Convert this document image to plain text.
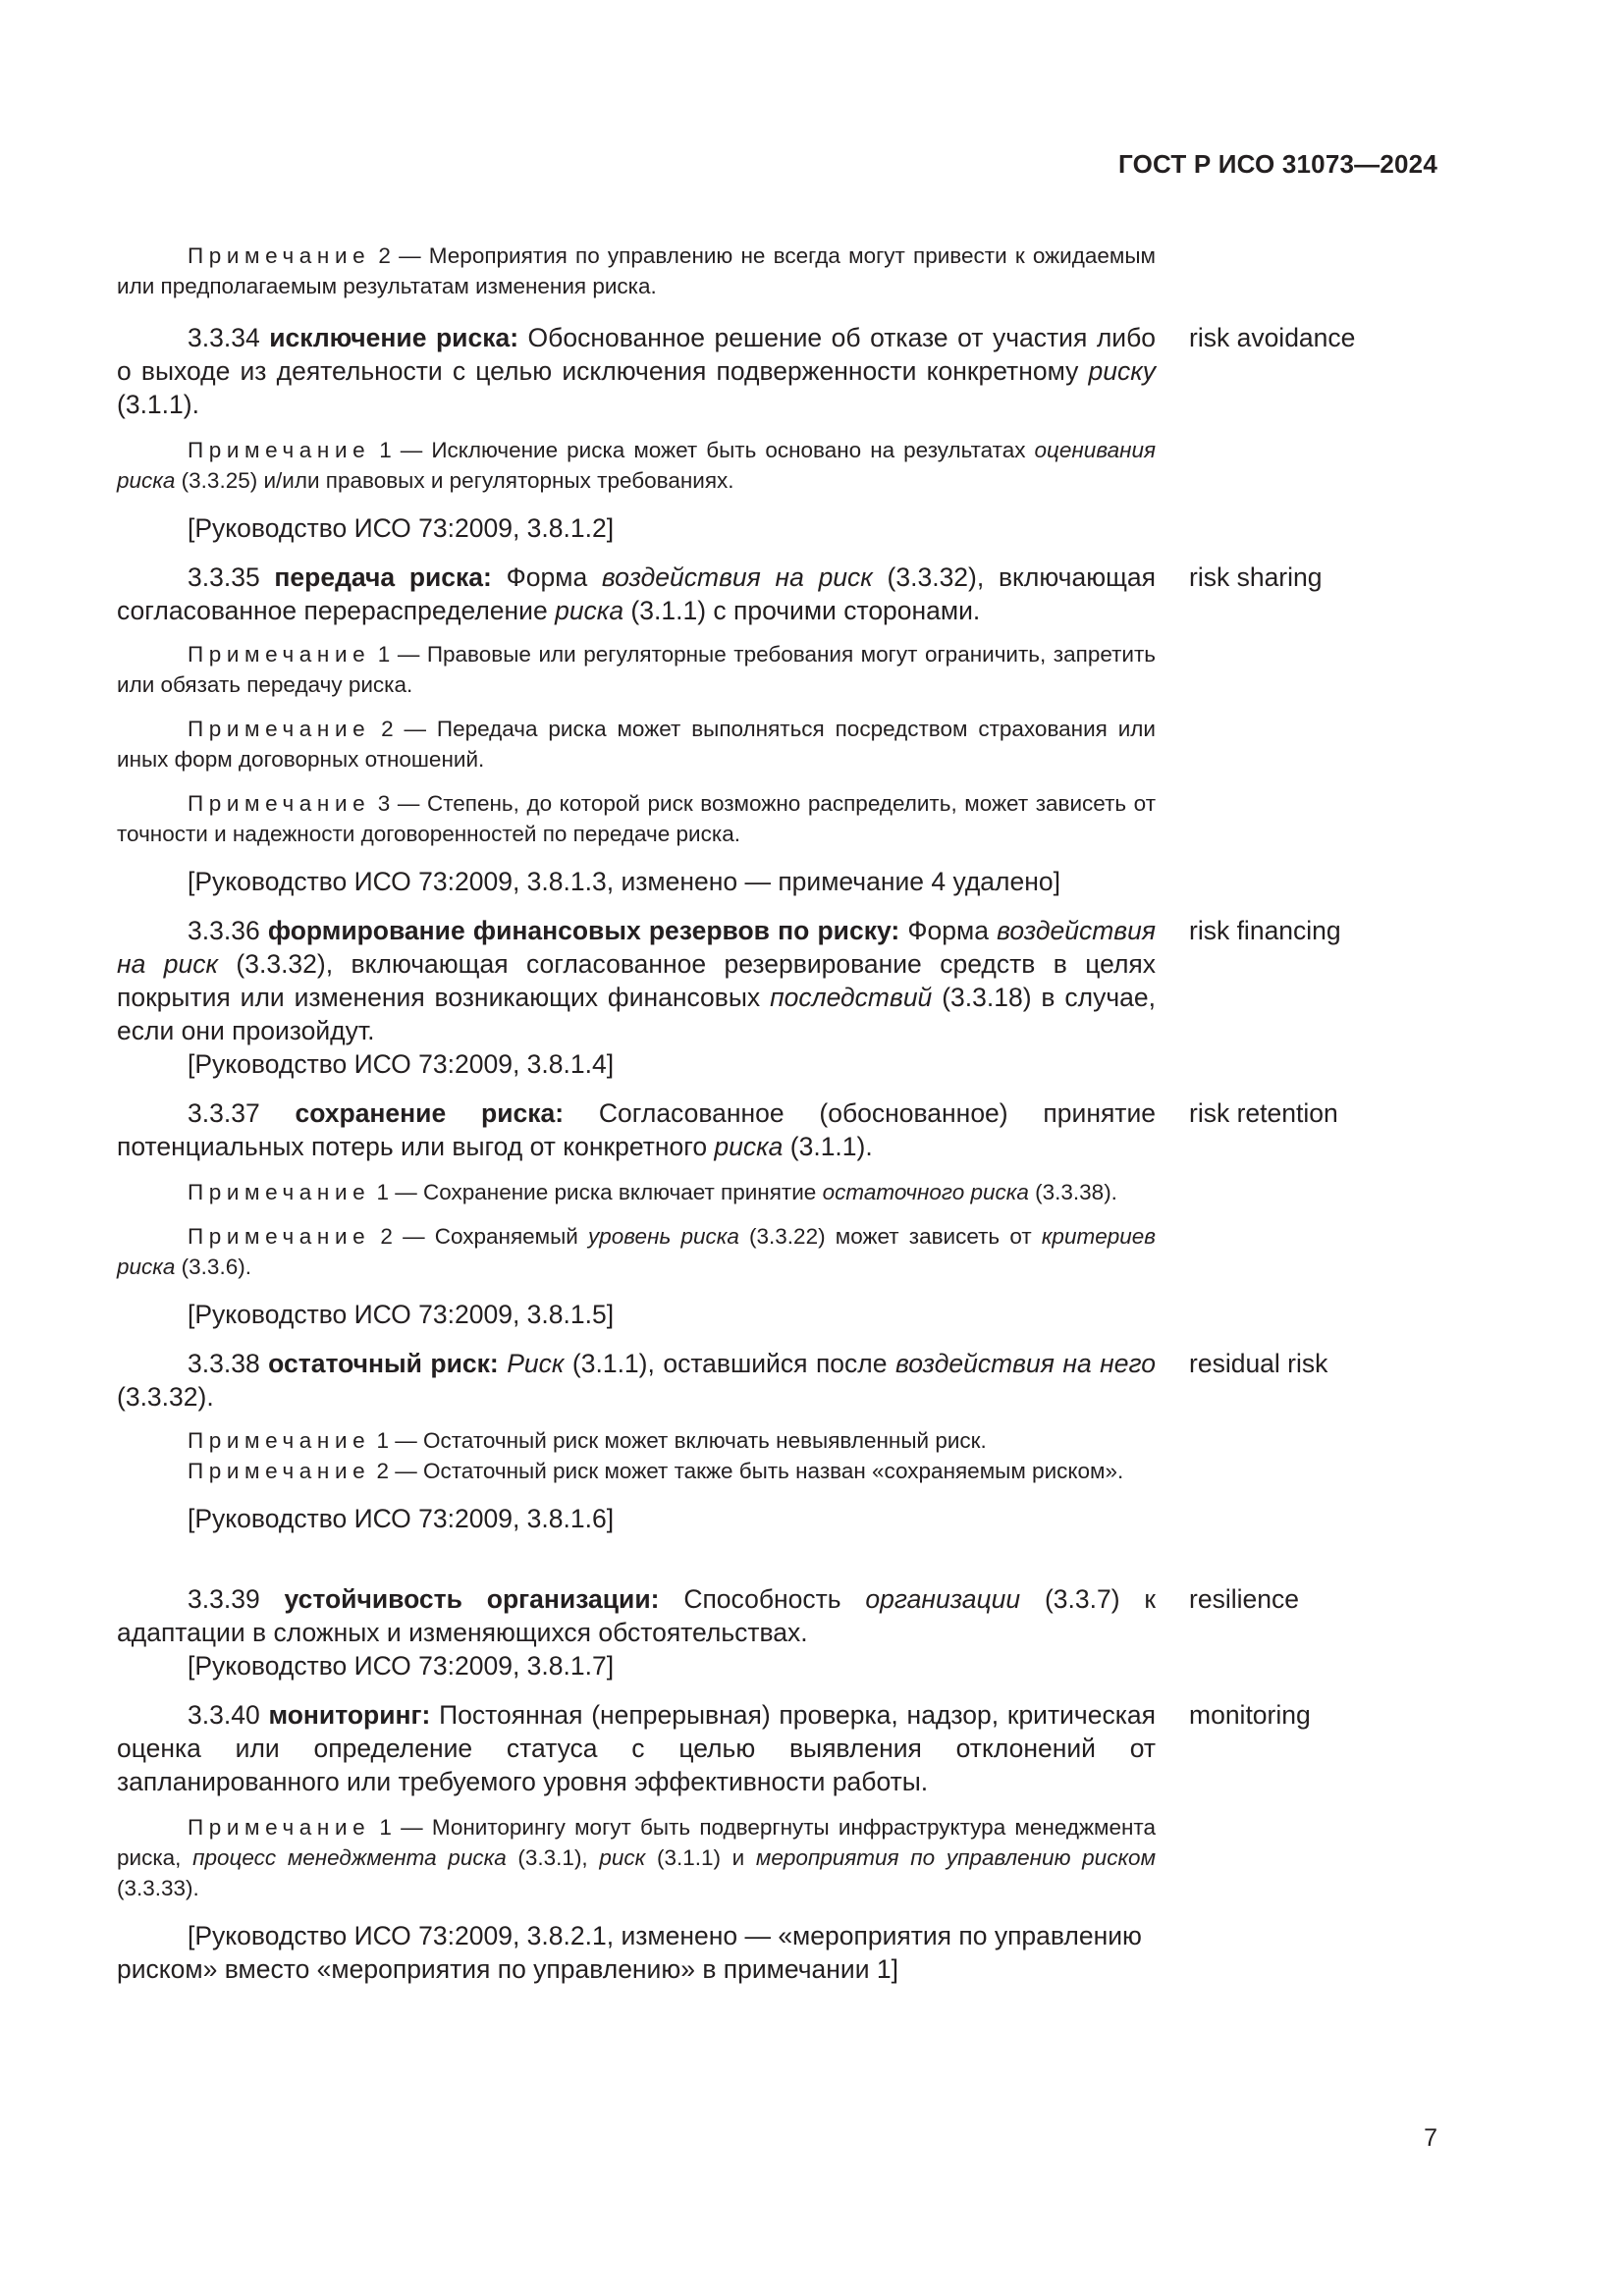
ГОСТ Р ИСО 31073—2024

Примечание 2 — Мероприятия по управлению не всегда могут привести к ожидаемым или предполагаемым результатам изменения риска.

3.3.34 исключение риска: Обоснованное решение об отказе от участия либо о выходе из деятельности с целью исключения подверженности конкретному риску (3.1.1).
risk avoidance

Примечание 1 — Исключение риска может быть основано на результатах оценивания риска (3.3.25) и/или правовых и регуляторных требованиях.

[Руководство ИСО 73:2009, 3.8.1.2]

3.3.35 передача риска: Форма воздействия на риск (3.3.32), включающая согласованное перераспределение риска (3.1.1) с прочими сторонами.
risk sharing

Примечание 1 — Правовые или регуляторные требования могут ограничить, запретить или обязать передачу риска.

Примечание 2 — Передача риска может выполняться посредством страхования или иных форм договорных отношений.

Примечание 3 — Степень, до которой риск возможно распределить, может зависеть от точности и надежности договоренностей по передаче риска.

[Руководство ИСО 73:2009, 3.8.1.3, изменено — примечание 4 удалено]

3.3.36 формирование финансовых резервов по риску: Форма воздействия на риск (3.3.32), включающая согласованное резервирование средств в целях покрытия или изменения возникающих финансовых последствий (3.3.18) в случае, если они произойдут.
risk financing

[Руководство ИСО 73:2009, 3.8.1.4]

3.3.37 сохранение риска: Согласованное (обоснованное) принятие потенциальных потерь или выгод от конкретного риска (3.1.1).
risk retention

Примечание 1 — Сохранение риска включает принятие остаточного риска (3.3.38).

Примечание 2 — Сохраняемый уровень риска (3.3.22) может зависеть от критериев риска (3.3.6).

[Руководство ИСО 73:2009, 3.8.1.5]

3.3.38 остаточный риск: Риск (3.1.1), оставшийся после воздействия на него (3.3.32).
residual risk

Примечание 1 — Остаточный риск может включать невыявленный риск.

Примечание 2 — Остаточный риск может также быть назван «сохраняемым риском».

[Руководство ИСО 73:2009, 3.8.1.6]

3.3.39 устойчивость организации: Способность организации (3.3.7) к адаптации в сложных и изменяющихся обстоятельствах.
resilience

[Руководство ИСО 73:2009, 3.8.1.7]

3.3.40 мониторинг: Постоянная (непрерывная) проверка, надзор, критическая оценка или определение статуса с целью выявления отклонений от запланированного или требуемого уровня эффективности работы.
monitoring

Примечание 1 — Мониторингу могут быть подвергнуты инфраструктура менеджмента риска, процесс менеджмента риска (3.3.1), риск (3.1.1) и мероприятия по управлению риском (3.3.33).

[Руководство ИСО 73:2009, 3.8.2.1, изменено — «мероприятия по управлению риском» вместо «мероприятия по управлению» в примечании 1]

7
